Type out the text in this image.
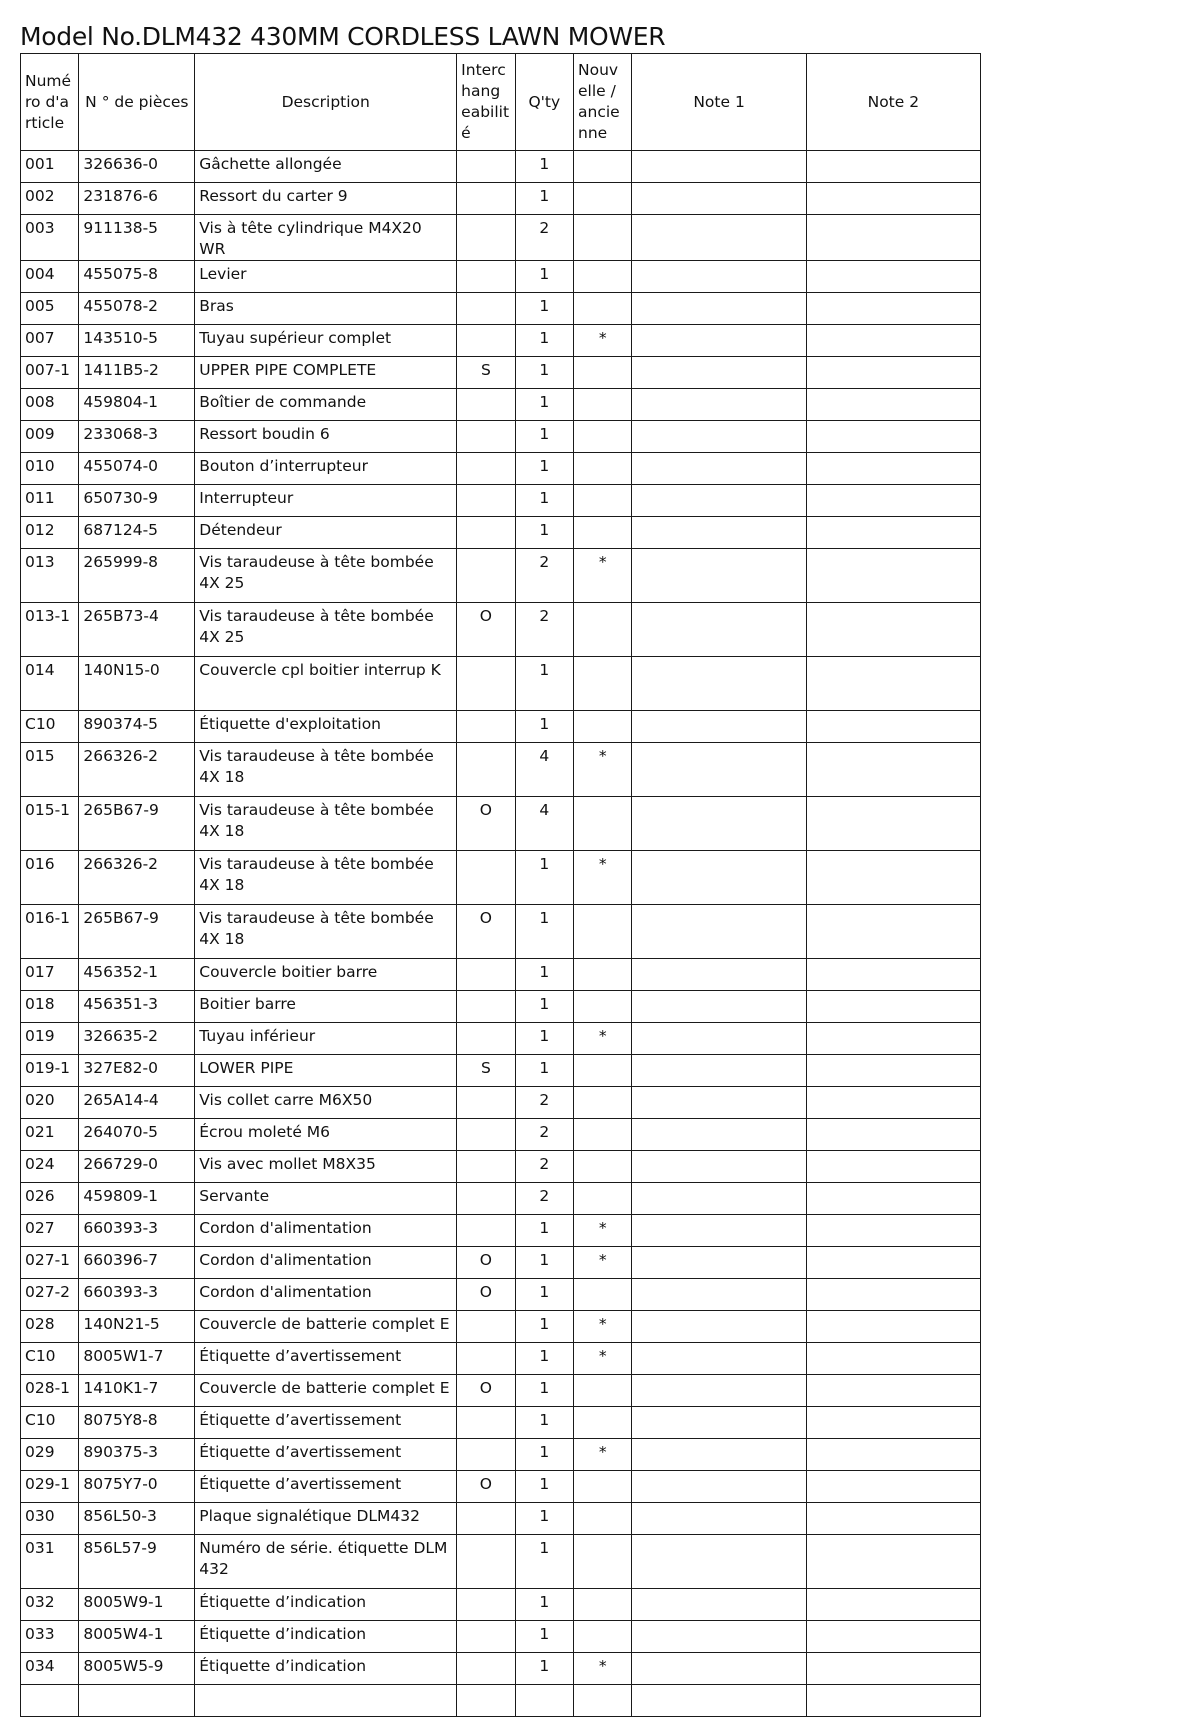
Model No.DLM432 430MM CORDLESS LAWN MOWER
Numé ro d'a rticle	N ° de pièces	Description	Interc hang eabilit é	Q'ty	Nouv elle / ancie nne	Note 1	Note 2
001	326636-0	Gâchette allongée		1			
002	231876-6	Ressort du carter 9		1			
003	911138-5	Vis à tête cylindrique M4X20 WR		2			
004	455075-8	Levier		1			
005	455078-2	Bras		1			
007	143510-5	Tuyau supérieur complet		1	*		
007-1	1411B5-2	UPPER PIPE COMPLETE	S	1			
008	459804-1	Boîtier de commande		1			
009	233068-3	Ressort boudin 6		1			
010	455074-0	Bouton d’interrupteur		1			
011	650730-9	Interrupteur		1			
012	687124-5	Détendeur		1			
013	265999-8	Vis taraudeuse à tête bombée 4X 25		2	*		
013-1	265B73-4	Vis taraudeuse à tête bombée 4X 25	O	2			
014	140N15-0	Couvercle cpl boitier interrup K		1			
C10	890374-5	Étiquette d'exploitation		1			
015	266326-2	Vis taraudeuse à tête bombée 4X 18		4	*		
015-1	265B67-9	Vis taraudeuse à tête bombée 4X 18	O	4			
016	266326-2	Vis taraudeuse à tête bombée 4X 18		1	*		
016-1	265B67-9	Vis taraudeuse à tête bombée 4X 18	O	1			
017	456352-1	Couvercle boitier barre		1			
018	456351-3	Boitier barre		1			
019	326635-2	Tuyau inférieur		1	*		
019-1	327E82-0	LOWER PIPE	S	1			
020	265A14-4	Vis collet carre M6X50		2			
021	264070-5	Écrou moleté M6		2			
024	266729-0	Vis avec mollet M8X35		2			
026	459809-1	Servante		2			
027	660393-3	Cordon d'alimentation		1	*		
027-1	660396-7	Cordon d'alimentation	O	1	*		
027-2	660393-3	Cordon d'alimentation	O	1			
028	140N21-5	Couvercle de batterie complet E		1	*		
C10	8005W1-7	Étiquette d’avertissement		1	*		
028-1	1410K1-7	Couvercle de batterie complet E	O	1			
C10	8075Y8-8	Étiquette d’avertissement		1			
029	890375-3	Étiquette d’avertissement		1	*		
029-1	8075Y7-0	Étiquette d’avertissement	O	1			
030	856L50-3	Plaque signalétique DLM432		1			
031	856L57-9	Numéro de série. étiquette DLM 432		1			
032	8005W9-1	Étiquette d’indication		1			
033	8005W4-1	Étiquette d’indication		1			
034	8005W5-9	Étiquette d’indication		1	*		
